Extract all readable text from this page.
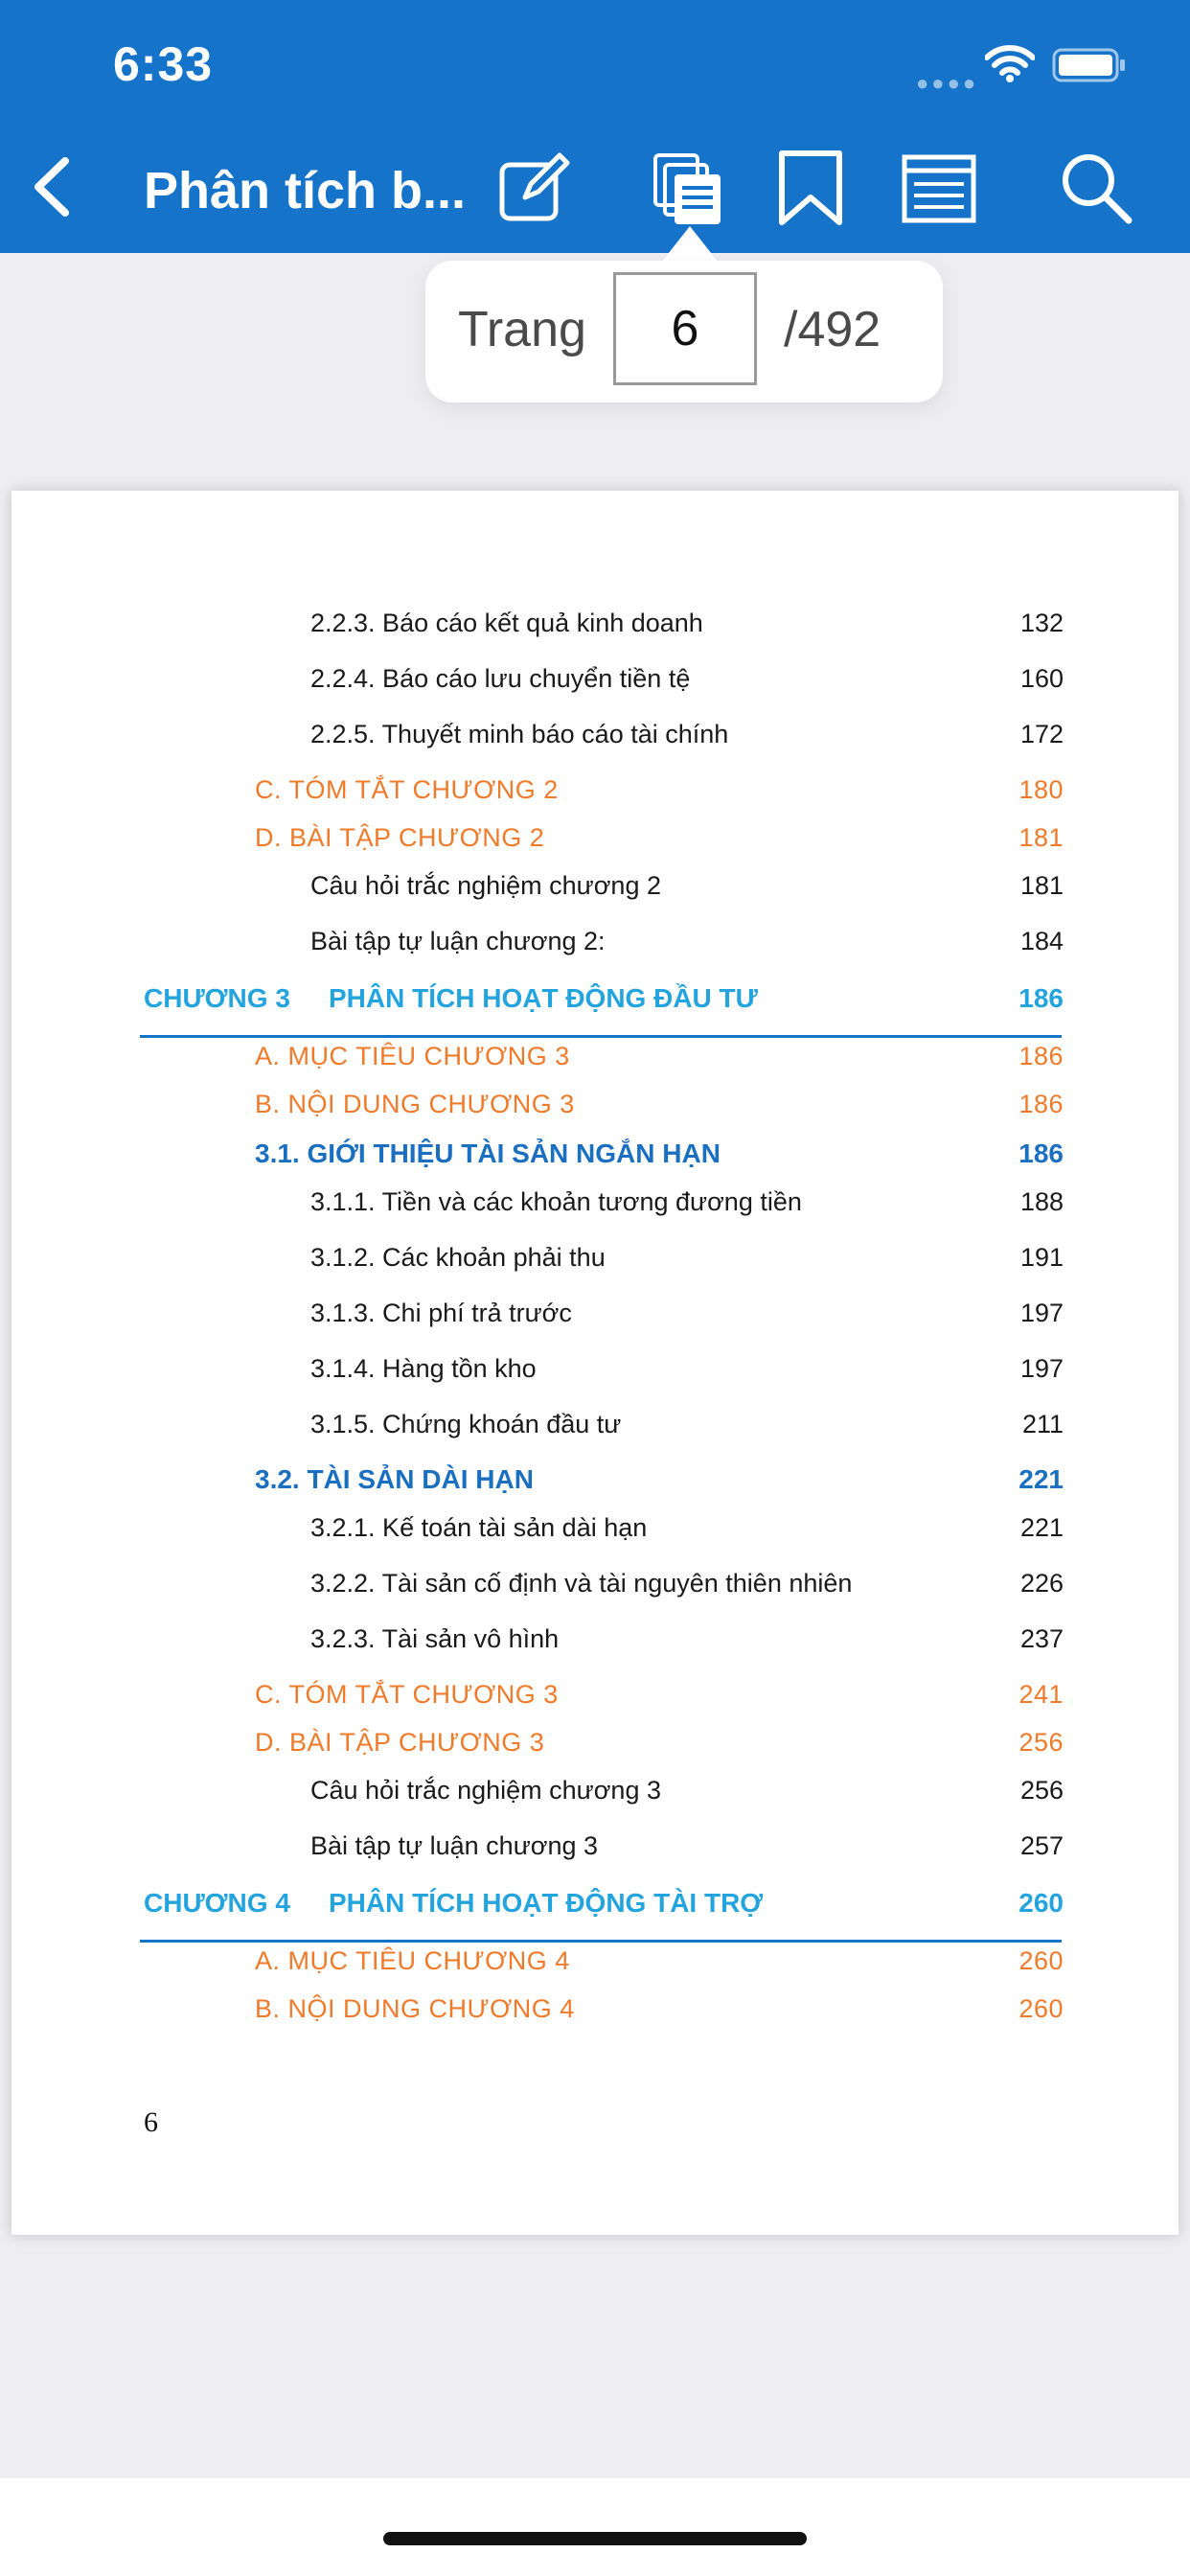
6:33	●●●●
Phân tích b...
Trang
6	/492
6
2.2.3. Báo cáo kết quả kinh doanh	132
2.2.4. Báo cáo lưu chuyển tiền tệ	160
2.2.5. Thuyết minh báo cáo tài chính	172
C. TÓM TẮT CHƯƠNG 2	180
D. BÀI TẬP CHƯƠNG 2	181
Câu hỏi trắc nghiệm chương 2	181
Bài tập tự luận chương 2:	184
CHƯƠNG 3 PHÂN TÍCH HOẠT ĐỘNG ĐẦU TƯ	186
A. MỤC TIÊU CHƯƠNG 3	186
B. NỘI DUNG CHƯƠNG 3	186
3.1. GIỚI THIỆU TÀI SẢN NGẮN HẠN	186
3.1.1. Tiền và các khoản tương đương tiền	188
3.1.2. Các khoản phải thu	191
3.1.3. Chi phí trả trước	197
3.1.4. Hàng tồn kho	197
3.1.5. Chứng khoán đầu tư	211
3.2. TÀI SẢN DÀI HẠN	221
3.2.1. Kế toán tài sản dài hạn	221
3.2.2. Tài sản cố định và tài nguyên thiên nhiên	226
3.2.3. Tài sản vô hình	237
C. TÓM TẮT CHƯƠNG 3	241
D. BÀI TẬP CHƯƠNG 3	256
Câu hỏi trắc nghiệm chương 3	256
Bài tập tự luận chương 3	257
CHƯƠNG 4 PHÂN TÍCH HOẠT ĐỘNG TÀI TRỢ	260
A. MỤC TIÊU CHƯƠNG 4	260
B. NỘI DUNG CHƯƠNG 4	260
